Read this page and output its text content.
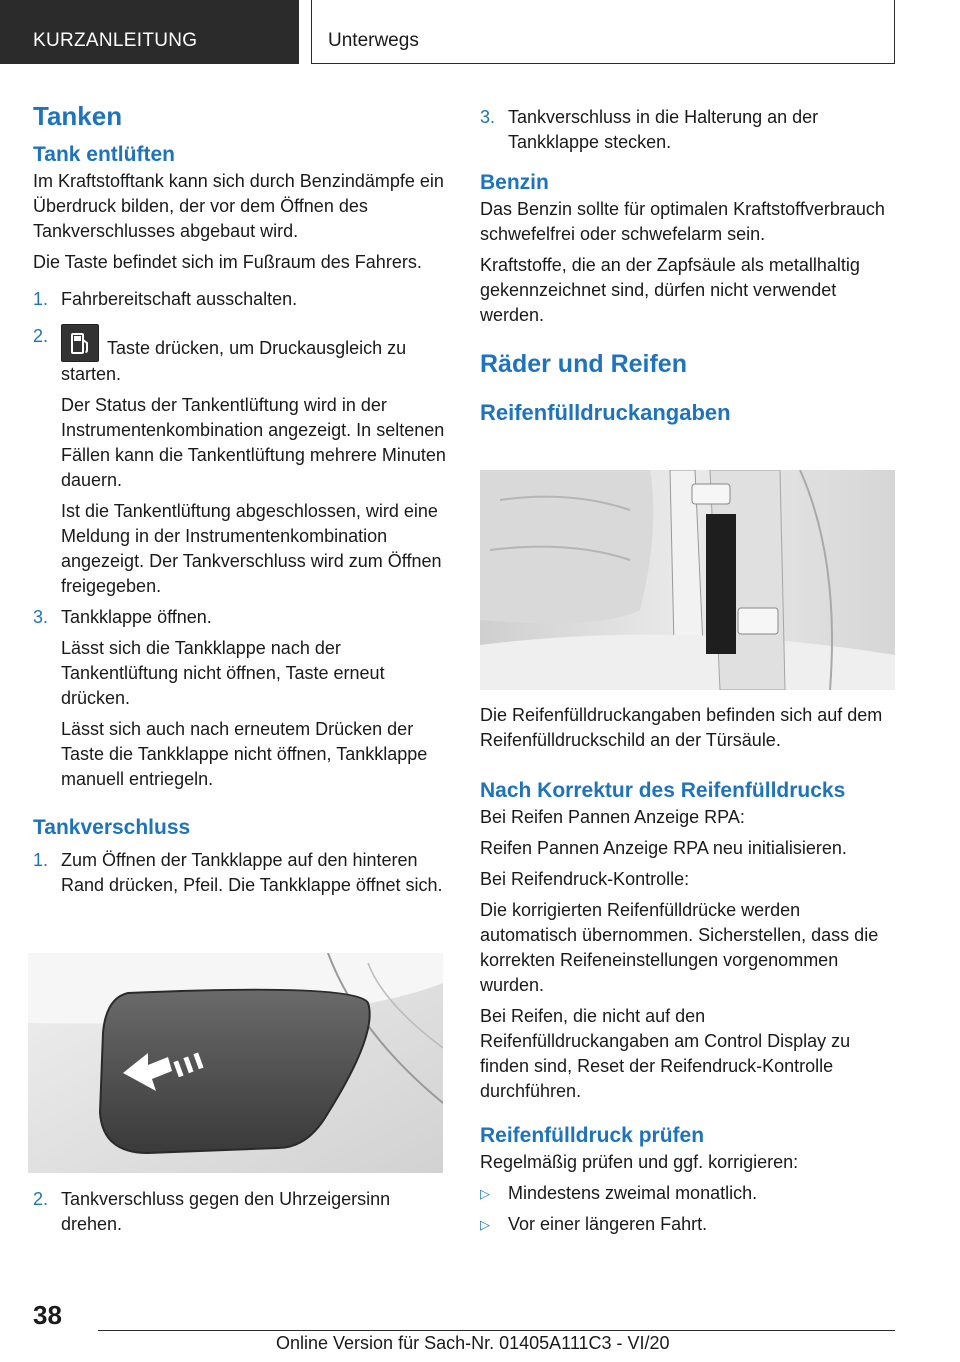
KURZANLEITUNG	Unterwegs
Tanken
Tank entlüften

Im Kraftstofftank kann sich durch Benzindämpfe ein Überdruck bilden, der vor dem Öffnen des Tankverschlusses abgebaut wird.

Die Taste befindet sich im Fußraum des Fahrers.

1. Fahrbereitschaft ausschalten.
2.
Taste drücken, um Druckausgleich zu starten.

Der Status der Tankentlüftung wird in der Instrumentenkombination angezeigt. In seltenen Fällen kann die Tankentlüftung mehrere Minuten dauern.

Ist die Tankentlüftung abgeschlossen, wird eine Meldung in der Instrumentenkombination angezeigt. Der Tankverschluss wird zum Öffnen freigegeben.

3. Tankklappe öffnen.

Lässt sich die Tankklappe nach der Tankentlüftung nicht öffnen, Taste erneut drücken.

Lässt sich auch nach erneutem Drücken der Taste die Tankklappe nicht öffnen, Tankklappe manuell entriegeln.

Tankverschluss
1. Zum Öffnen der Tankklappe auf den hinteren Rand drücken, Pfeil. Die Tankklappe öffnet sich.
2. Tankverschluss gegen den Uhrzeigersinn drehen.
3. Tankverschluss in die Halterung an der Tankklappe stecken.
Benzin

Das Benzin sollte für optimalen Kraftstoffverbrauch schwefelfrei oder schwefelarm sein.

Kraftstoffe, die an der Zapfsäule als metallhaltig gekennzeichnet sind, dürfen nicht verwendet werden.

Räder und Reifen
Reifenfülldruckangaben

Die Reifenfülldruckangaben befinden sich auf dem Reifenfülldruckschild an der Türsäule.

Nach Korrektur des Reifenfülldrucks

Bei Reifen Pannen Anzeige RPA:

Reifen Pannen Anzeige RPA neu initialisieren.

Bei Reifendruck-Kontrolle:

Die korrigierten Reifenfülldrücke werden automatisch übernommen. Sicherstellen, dass die korrekten Reifeneinstellungen vorgenommen wurden.

Bei Reifen, die nicht auf den Reifenfülldruckangaben am Control Display zu finden sind, Reset der Reifendruck-Kontrolle durchführen.

Reifenfülldruck prüfen

Regelmäßig prüfen und ggf. korrigieren:

▷	Mindestens zweimal monatlich.
▷	Vor einer längeren Fahrt.
38
Online Version für Sach-Nr. 01405A111C3 - VI/20
